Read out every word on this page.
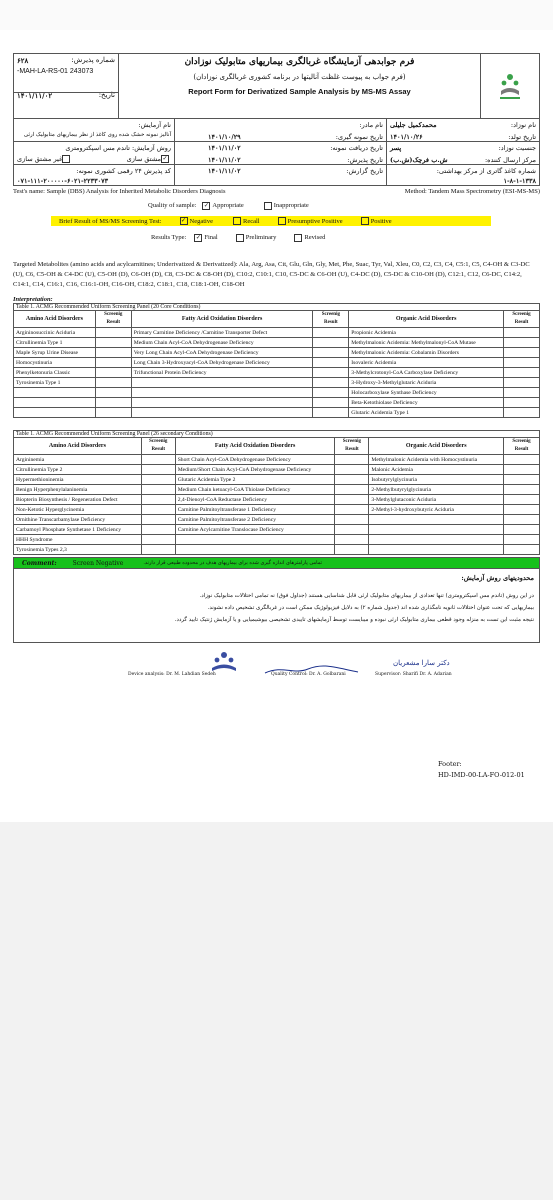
۶۲۸	شماره پذیرش:
-MAH-LA-RS-01 243073
۱۴۰۱/۱۱/۰۲	تاریخ:
فرم جوابدهی آزمایشگاه غربالگری بیماریهای متابولیک نوزادان
(فرم جواب به پیوست غلظت آنالیتها در برنامه کشوری غربالگری نوزادان)
Report Form for Derivatized Sample Analysis by MS-MS Assay
نام آزمایش:
آنالیز نمونه خشک شده روی کاغذ از نظر بیماریهای متابولیک ارثی
نام مادر:
تاریخ نمونه گیری:
۱۴۰۱/۱۰/۲۹
نام نوزاد:
محمدکمیل جلیلی
تاریخ تولد:
۱۴۰۱/۱۰/۲۶
روش آزمایش: تاندم مس اسپکترومتری
✓مشتق سازی
غیر مشتق سازی
تاریخ دریافت نمونه:
۱۴۰۱/۱۱/۰۲
تاریخ پذیرش:
۱۴۰۱/۱۱/۰۲
جنسیت نوزاد:
پسر
مرکز ارسال کننده:
ش.ب فرچک(ش.ب)
کد پذیرش ۲۴ رقمی کشوری نمونه:
۰۷۱-۱۱۱-۲۰۰۰۰۰-۶۰۲۱-۲۲۳۳۰۷۳
تاریخ گزارش:
۱۴۰۱/۱۱/۰۲	شماره کاغذ گاتری از مرکز بهداشتی:
۱-۸-۱-۱۳۳۸
Test's name: Sample (DBS) Analysis for Inherited Metabolic Disorders Diagnosis	Method: Tandem Mass Spectrometry (ESI-MS-MS)
Quality of sample: ✓ Appropriate	Inappropriate
Brief Result of MS/MS Screening Test:	✓ Negative	Recall	Presumptive Positive	Positive
Results Type: ✓ Final	Preliminary	Revised
Targeted Metabolites (amino acids and acylcarnitines; Underivatized & Derivatized): Ala, Arg, Asa, Cit, Glu, Gln, Gly, Met, Phe, Suac, Tyr, Val, Xleu, C0, C2, C3, C4, C5:1, C5, C4-OH & C3-DC (U), C6, C5-OH & C4-DC (U), C5-OH (D), C6-OH (D), C8, C3-DC & C8-OH (D), C10:2, C10:1, C10, C5-DC & C6-OH (U), C4-DC (D), C5-DC & C10-OH (D), C12:1, C12, C6-DC, C14:2, C14:1, C14, C16:1, C16, C16:1-OH, C16-OH, C18:2, C18:1, C18, C18:1-OH, C18-OH
Interpretation:
Table 1. ACMG Recommended Uniform Screening Panel (20 Core Conditions)
Amino Acid Disorders	Screenig Result	Fatty Acid Oxidation Disorders	Screenig Result	Organic Acid Disorders	Screenig Result
Argininosuccinic Aciduria		Primary Carnitine Deficiency /Carnitine Transporter Defect		Propionic Acidemia	
Citrullinemia Type 1		Medium Chain Acyl-CoA Dehydrogenase Deficiency		Methylmalonic Acidemia: Methylmalonyl-CoA Mutase	
Maple Syrup Urine Disease		Very Long Chain Acyl-CoA Dehydrogenase Deficiency		Methylmalonic Acidemia: Cobalamin Disorders	
Homocystinuria		Long Chain 3-Hydroxyacyl-CoA Dehydrogenase Deficiency		Isovaleric Acidemia	
Phenylketonuria Classic		Trifunctional Protein Deficiency		3-Methylcrotonyl-CoA Carboxylase Deficiency	
Tyrosinemia Type 1				3-Hydroxy-3-Methylglutaric Aciduria	
				Holocarboxylase Synthase Deficiency	
				Beta-Ketothiolase Deficiency	
				Glutaric Acidemia Type 1	
Table 1. ACMG Recommended Uniform Screening Panel (26 secondary Conditions)
Amino Acid Disorders	Screenig Result	Fatty Acid Oxidation Disorders	Screenig Result	Organic Acid Disorders	Screenig Result
Argininemia		Short Chain Acyl-CoA Dehydrogenase Deficiency		Methylmalonic Acidemia with Homocystinuria	
Citrullinemia Type 2		Medium/Short Chain Acyl-CoA Dehydrogenase Deficiency		Malonic Acidemia	
Hypermethioninemia		Glutaric Acidemia Type 2		Isobutyrylglycinuria	
Benign Hyperphenylalaninemia		Medium Chain ketoacyl-CoA Thiolase Deficiency		2-Methylbutyrylglycinuria	
Biopterin Biosynthesis / Regeneration Defect		2,4-Dienoyl-CoA Reductase Deficiency		3-Methylglutaconic Aciduria	
Non-Ketotic Hyperglycinemia		Carnitine Palmitoyltransferase 1 Deficiency		2-Methyl-3-hydroxybutyric Aciduria	
Ornithine Transcarbamylase Deficiency		Carnitine Palmitoyltransferase 2 Deficiency			
Carbamoyl Phosphate Synthetase 1 Deficiency		Carnitine Acylcarnitine Translocase Deficiency			
HHH Syndrome					
Tyrosinemia Types 2,3					
Comment:	Screen Negative	تمامی پارامترهای اندازه گیری شده برای بیماریهای هدف در محدوده طبیعی قرار دارند.
محدودیتهای روش آزمایش:
در این روش (تاندم مس اسپکترومتری) تنها تعدادی از بیماریهای متابولیک ارثی قابل شناسایی هستند (جداول فوق) نه تمامی اختلالات متابولیک نوزاد.
بیماریهایی که تحت عنوان اختلالات ثانویه نامگذاری شده اند (جدول شماره ۲) به دلایل فیزیولوژیک ممکن است در غربالگری تشخیص داده نشوند.
نتیجه مثبت این تست به منزله وجود قطعی بیماری متابولیک ارثی نبوده و میبایست توسط آزمایشهای تاییدی تشخیصی بیوشیمیایی و یا آزمایش ژنتیک تایید گردد.
Device analysis: Dr. M. Lahdian Sedeh	Quality Control: Dr. A. Golbarani
دکتر سارا مشعریان
Supervisor: Sharifi Dr. A. Adarian
Footer:
HD-IMD-00-LA-FO-012-01
